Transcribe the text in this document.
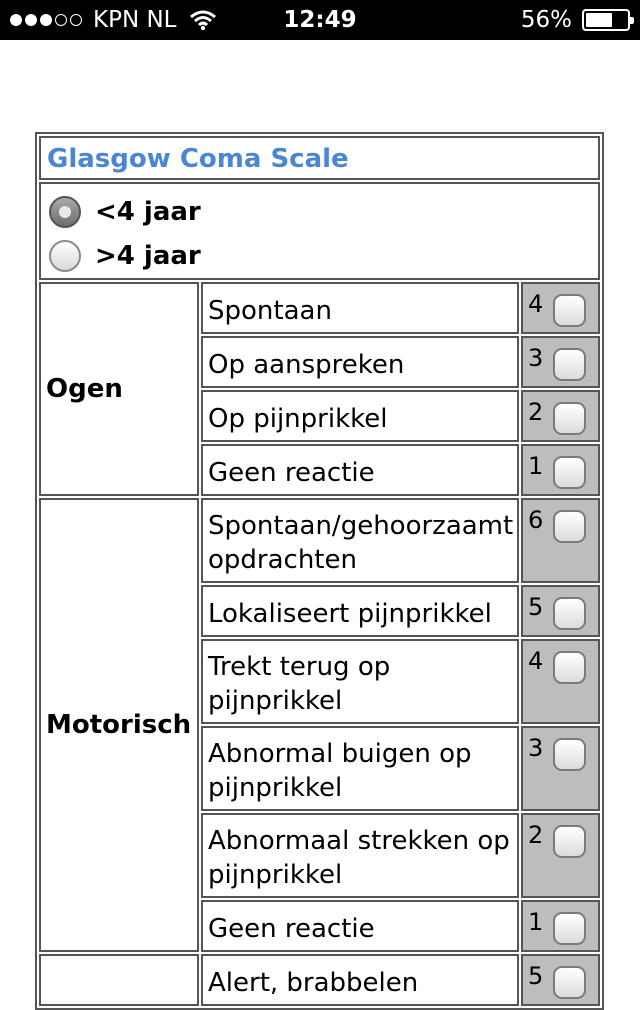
KPN NL	12:49	56%
Glasgow Coma Scale		

<4 jaar
>4 jaar		

Ogen	Spontaan	4

	Op aanspreken	3

	Op pijnprikkel	2

	Geen reactie	1

Motorisch	Spontaan/gehoorzaamt opdrachten	6

	Lokaliseert pijnprikkel	5

	Trekt terug op pijnprikkel	4

	Abnormal buigen op pijnprikkel	3

	Abnormaal strekken op pijnprikkel	2

	Geen reactie	1

	Alert, brabbelen	5
